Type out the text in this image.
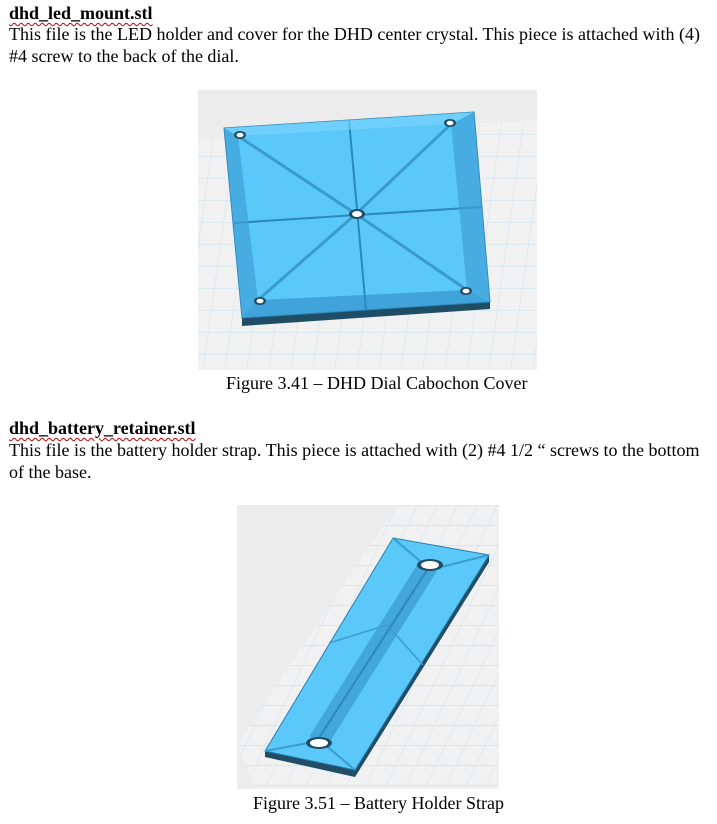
dhd_led_mount.stl

This file is the LED holder and cover for the DHD center crystal. This piece is attached with (4) #4 screw to the back of the dial.

Figure 3.41 – DHD Dial Cabochon Cover
dhd_battery_retainer.stl

This file is the battery holder strap. This piece is attached with (2) #4 1/2 “ screws to the bottom of the base.

Figure 3.51 – Battery Holder Strap
